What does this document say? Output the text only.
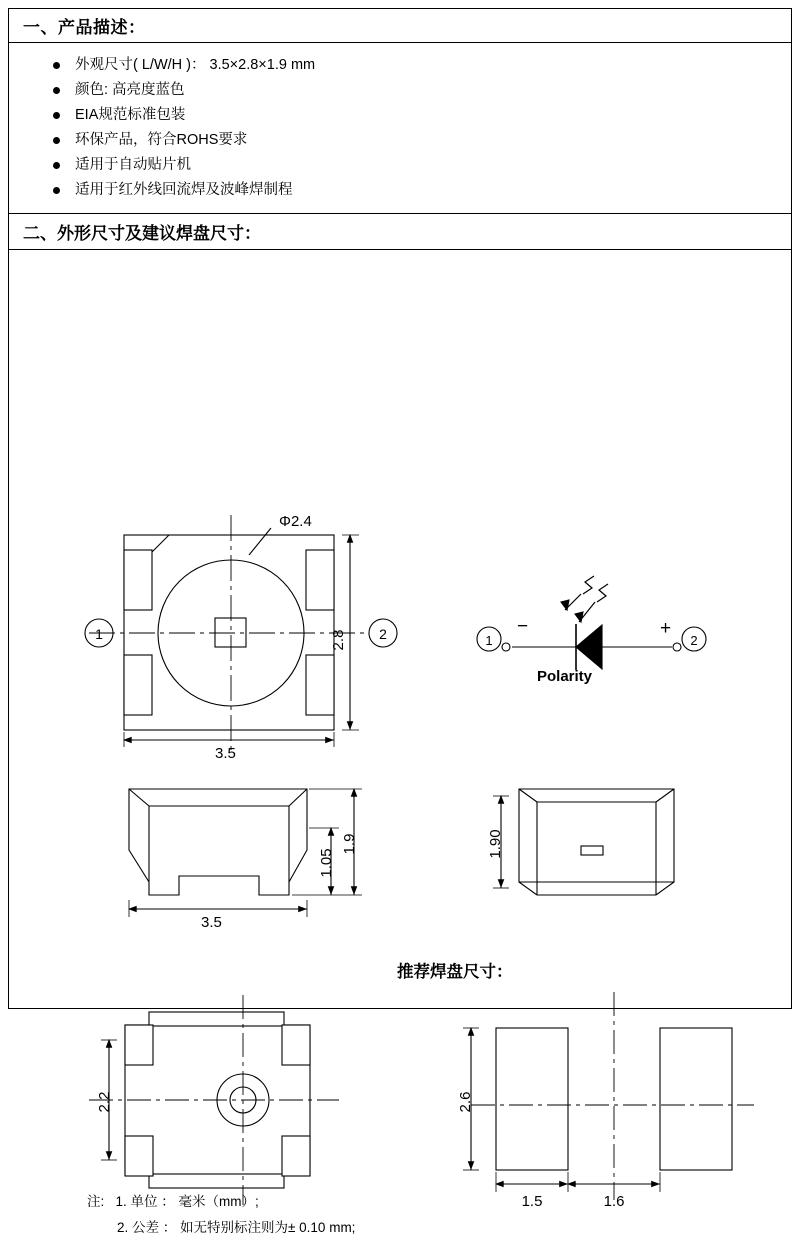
一、 产品描述：
外观尺寸( L/W/H )： 3.5×2.8×1.9 mm
颜色: 高亮度蓝色
EIA规范标准包装
环保产品，符合ROHS要求
适用于自动贴片机
适用于红外线回流焊及波峰焊制程
二、 外形尺寸及建议焊盘尺寸：
推荐焊盘尺寸：
Polarity
Φ2.4
3.5
2.8
1	2	1	2
−	+
3.5
1.9
1.05
1.90
2.2	2.6
1.5	1.6
注: 1. 单位 ： 毫米（mm）;
2. 公差 ： 如无特别标注则为± 0.10 mm;
